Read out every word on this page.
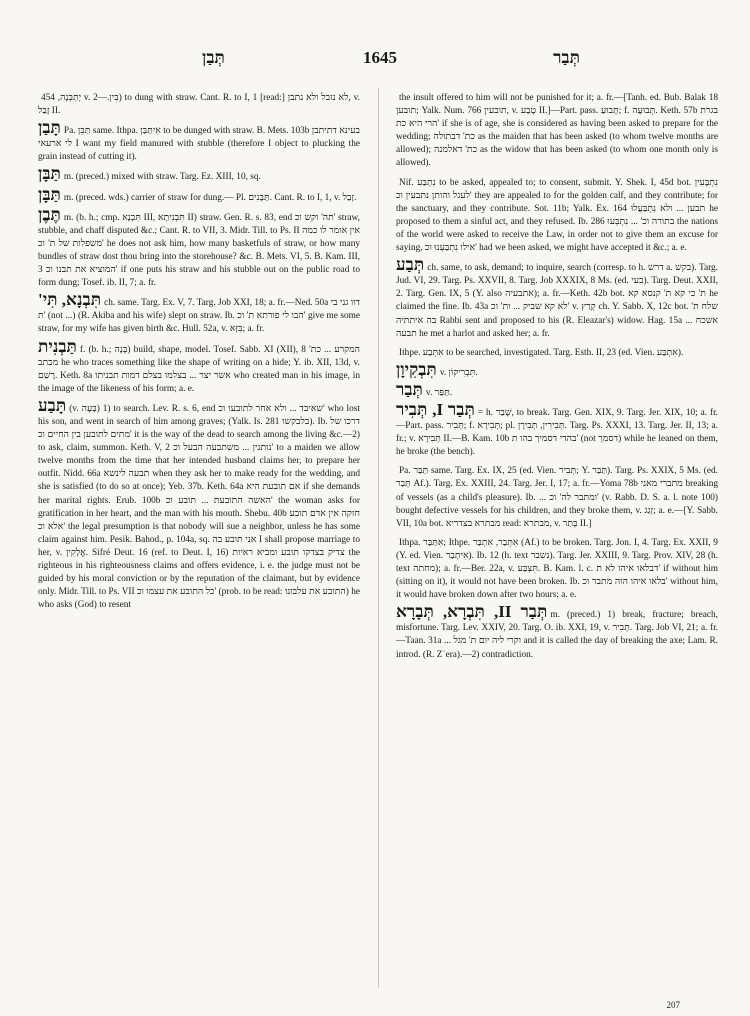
תְּבַן	1645	תְּבַר

454 ,יָתְבְּנָה v. בִּין.—2) to dung with straw. Cant. R. to I, 1 [read:] לא נזבל ולא נתבן, v. זָבַל II.

תָּבַן Pa. תַּבֵּן same. Ithpa. אִיתַּבַּן to be dunged with straw. B. Mets. 103b בעינא דתיתבן לי ארעאי I want my field manured with stubble (therefore I object to plucking the grain instead of cutting it).

תַּבָּן m. (preced.) mixed with straw. Targ. Ez. XIII, 10, sq.

תַּבָּן m. (preced. wds.) carrier of straw for dung.— Pl. תַּבָּנִים. Cant. R. to I, 1, v. זָבַל.

תֶּבֶן m. (b. h.; cmp. תִּבְנָא III, תִּבְנִיתָא II) straw. Gen. R. s. 83, end תה' וקש וכ' straw, stubble, and chaff disputed &c.; Cant. R. to VII, 3. Midr. Till. to Ps. II אין אומר לו כמה משפלות של ת' וכ' he does not ask him, how many basketfuls of straw, or how many bundles of straw dost thou bring into the storehouse? &c. B. Mets. VI, 5. B. Kam. III, 3 המוציא את תבנו וכ' if one puts his straw and his stubble out on the public road to form dung; Tosef. ib. II, 7; a. fr.

תִּבְנָא, תִּי' ch. same. Targ. Ex. V, 7. Targ. Job XXI, 18; a. fr.—Ned. 50a דוו גני בי ת' (not ...) (R. Akiba and his wife) slept on straw. Ib. הבו לי פורתא ת' וכ' give me some straw, for my wife has given birth &c. Hull. 52a, v. בִּזָּא; a. fr.

תַּבְנִית f. (b. h.; בָּנָה) build, shape, model. Tosef. Sabb. XI (XII), 8 המקרע ... כת' מכתב he who traces something like the shape of writing on a hide; Y. ib. XII, 13d, v. רָשַׁם. Keth. 8a אשר יצר ... בצלמו בצלם דמות תבניתו who created man in his image, in the image of the likeness of his form; a. e.

תָּבַע (v. בָּעָה) 1) to search. Lev. R. s. 6, end שאיבד ... ולא אחר לתובעו וכ' who lost his son, and went in search of him among graves; (Yalk. Is. 281 בלבקשו). Ib. דרכו של מתים לתובען בין החיים וכ' it is the way of the dead to search among the living &c.—2) to ask, claim, summon. Keth. V, 2 נותנין ... משתבעה הבעל וכ' to a maiden we allow twelve months from the time that her intended husband claims her, to prepare her outfit. Nidd. 66a תבעה לינשא when they ask her to make ready for the wedding, and she is satisfied (to do so at once); Yeb. 37b. Keth. 64a אם תובעת היא if she demands her marital rights. Erub. 100b האשה התובעת ... תובע וכ' the woman asks for gratification in her heart, and the man with his mouth. Shebu. 40b חזקה אין אדם תובע אלא וכ' the legal presumption is that nobody will sue a neighbor, unless he has some claim against him. Pesik. Bahod., p. 104a, sq. אני תובע בה I shall propose marriage to her, v. אֱלָקִין. Sifré Deut. 16 (ref. to Deut. I, 16) צדיק בצדקו תובע ומביא ראיות the righteous in his righteousness claims and offers evidence, i. e. the judge must not be guided by his moral conviction or by the reputation of the claimant, but by evidence only. Midr. Till. to Ps. VII כל התובע את עצמו וכ' (prob. to be read: התובע את עלבונו) he who asks (God) to resent

the insult offered to him will not be punished for it; a. fr.—[Tanh. ed. Bub. Balak 18 תובען; Yalk. Num. 766 תובעין, v. טָבַע II.]—Part. pass. תָּבוּעַ; f. תְּבוּעָה. Keth. 57b בגרת הרי היא כת' if she is of age, she is considered as having been asked to prepare for the wedding; כת' דבתולה as the maiden that has been asked (to whom twelve months are allowed); כת' דאלמנה as the widow that has been asked (to whom one month only is allowed).

Nif. נִתְבַּע to be asked, appealed to; to consent, submit. Y. Shek. I, 45d bot. נִתְבָּעִין לעגל והותן נתבעין וכ' they are appealed to for the golden calf, and they contribute; for the sanctuary, and they contribute. Sot. 11b; Yalk. Ex. 164 תבען ... ולא נִתְבַּעֲלוּ he proposed to them a sinful act, and they refused. Ib. 286 בתורה וכ' ... נִתְבְּעוּ the nations of the world were asked to receive the Law, in order not to give them an excuse for saying, אילו נִתְבַּעְנוּ וכ' had we been asked, we might have accepted it &c.; a. e.

תְּבַע ch. same, to ask, demand; to inquire, search (corresp. to h. דרש a. בקש). Targ. Jud. VI, 29. Targ. Ps. XXVII, 8. Targ. Job XXXIX, 8 Ms. (ed. בעי). Targ. Deut. XXII, 2. Targ. Gen. IX, 5 (Y. also אתבעיה); a. fr.—Keth. 42b bot. ת' כי קא ת' קנסא קא he claimed the fine. Ib. 43a לא קא שביק ... ות' וכ' v. קְרַץ ch. Y. Sabb. X, 12c bot. שלח ת' בה איתתיה Rabbi sent and proposed to his (R. Eleazar's) widow. Hag. 15a ... אשכח תבעה he met a harlot and asked her; a. fr.

Ithpe. אִתְּבַע to be searched, investigated. Targ. Esth. II, 23 (ed. Vien. אִתְבַּע).

תִּבְקִיוָן v. תִּבְרִיקוֹן.

תְּבַר v. תַּפַּר.

תְּבַר I, תְּבִיר = h. שָׁבַר, to break. Targ. Gen. XIX, 9. Targ. Jer. XIX, 10; a. fr.—Part. pass. תְּבִיר; f. תְּבִירָא; pl. תְּבִירִין, תְּבִירָן. Targ. Ps. XXXI, 13. Targ. Jer. II, 13; a. fr.; v. תְּבִירָא II.—B. Kam. 10b בהדי דסמיך בהו ת' (not דסמך) while he leaned on them, he broke (the bench).

Pa. תַּבַּר same. Targ. Ex. IX, 25 (ed. Vien. תְּבִיר; Y. תַּבַּר). Targ. Ps. XXIX, 5 Ms. (ed. תְּבַר Af.). Targ. Ex. XXIII, 24. Targ. Jer. I, 17; a. fr.—Yoma 78b מתברי מאני breaking of vessels (as a child's pleasure). Ib. ... ומתבר לה' וכ' (v. Rabb. D. S. a. l. note 100) bought defective vessels for his children, and they broke them, v. זְגַג; a. e.—[Y. Sabb. VII, 10a bot. מבתרא בצדריא read: מבתרא, v. בְּתַר II.]

Ithpa. אִתַּבַּר; Ithpe. אִתְּבַר, אִתְבַּר (Af.) to be broken. Targ. Jon. I, 4. Targ. Ex. XXII, 9 (Y. ed. Vien. אִיתְבַר). Ib. 12 (h. text נשבר). Targ. Jer. XXIII, 9. Targ. Prov. XIV, 28 (h. text מחתה); a. fr.—Ber. 22a, v. תִּצְבַּע. B. Kam. l. c. דבלאו איהו לא ת' if without him (sitting on it), it would not have been broken. Ib. בלאו איהו הוה מתבר וכ' without him, it would have broken down after two hours; a. e.

תְּבַר II, תִּבְרָא, תְּבָרָא m. (preced.) 1) break, fracture; breach, misfortune. Targ. Lev. XXIV, 20. Targ. O. ib. XXI, 19, v. תְּבִיר. Targ. Job VI, 21; a. fr.—Taan. 31a ... וקרי ליה יום ת' מגל and it is called the day of breaking the axe; Lam. R. introd. (R. Zʿera).—2) contradiction.

207
